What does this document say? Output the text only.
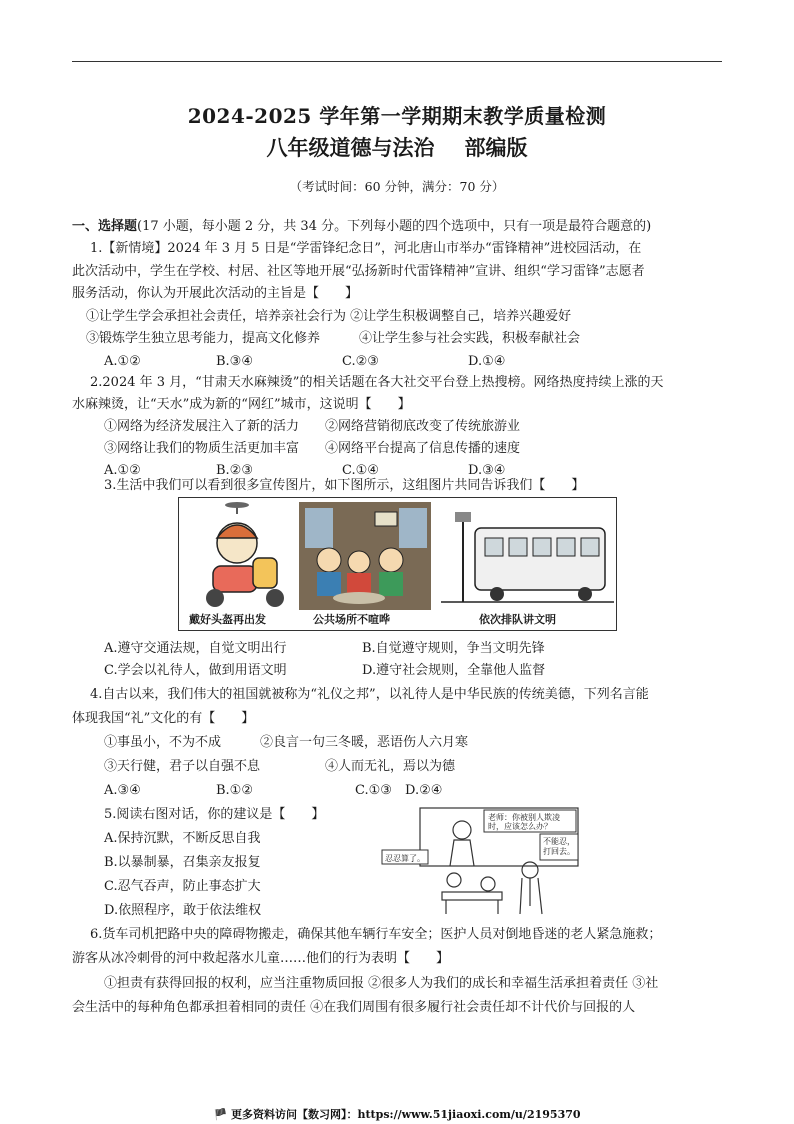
2024-2025 学年第一学期期末教学质量检测
八年级道德与法治 部编版
（考试时间：60 分钟，满分：70 分）
一、选择题(17 小题，每小题 2 分，共 34 分。下列每小题的四个选项中，只有一项是最符合题意的)
1.【新情境】2024 年 3 月 5 日是“学雷锋纪念日”，河北唐山市举办“雷锋精神”进校园活动，在
此次活动中，学生在学校、村居、社区等地开展“弘扬新时代雷锋精神”宣讲、组织“学习雷锋”志愿者
服务活动，你认为开展此次活动的主旨是【　　】
①让学生学会承担社会责任，培养亲社会行为 ②让学生积极调整自己，培养兴趣爱好
③锻炼学生独立思考能力，提高文化修养　　　④让学生参与社会实践，积极奉献社会
A.①②	B.③④	C.②③	D.①④
2.2024 年 3 月，“甘肃天水麻辣烫”的相关话题在各大社交平台登上热搜榜。网络热度持续上涨的天
水麻辣烫，让“天水”成为新的“网红”城市，这说明【　　】
①网络为经济发展注入了新的活力　　②网络营销彻底改变了传统旅游业
③网络让我们的物质生活更加丰富　　④网络平台提高了信息传播的速度
A.①②	B.②③	C.①④	D.③④
3.生活中我们可以看到很多宣传图片，如下图所示，这组图片共同告诉我们【　　】
戴好头盔再出发	公共场所不喧哗	依次排队讲文明
A.遵守交通法规，自觉文明出行	B.自觉遵守规则，争当文明先锋
C.学会以礼待人，做到用语文明	D.遵守社会规则，全靠他人监督
4.自古以来，我们伟大的祖国就被称为“礼仪之邦”，以礼待人是中华民族的传统美德，下列名言能
体现我国“礼”文化的有【　　】
①事虽小，不为不成　　　②良言一句三冬暖，恶语伤人六月寒
③天行健，君子以自强不息　　　　　④人而无礼，焉以为德
A.③④	B.①②	C.①③ D.②④
5.阅读右图对话，你的建议是【　　】
A.保持沉默，不断反思自我
B.以暴制暴，召集亲友报复
C.忍气吞声，防止事态扩大
D.依照程序，敢于依法维权
老师：你被别人欺凌时，应该怎么办？
忍忍算了。
不能忍，打回去。
6.货车司机把路中央的障碍物搬走，确保其他车辆行车安全；医护人员对倒地昏迷的老人紧急施救；
游客从冰冷刺骨的河中救起落水儿童……他们的行为表明【　　】
①担责有获得回报的权利，应当注重物质回报 ②很多人为我们的成长和幸福生活承担着责任 ③社
会生活中的每种角色都承担着相同的责任 ④在我们周围有很多履行社会责任却不计代价与回报的人
🏴 更多资料访问【数习网】：https://www.51jiaoxi.com/u/2195370
